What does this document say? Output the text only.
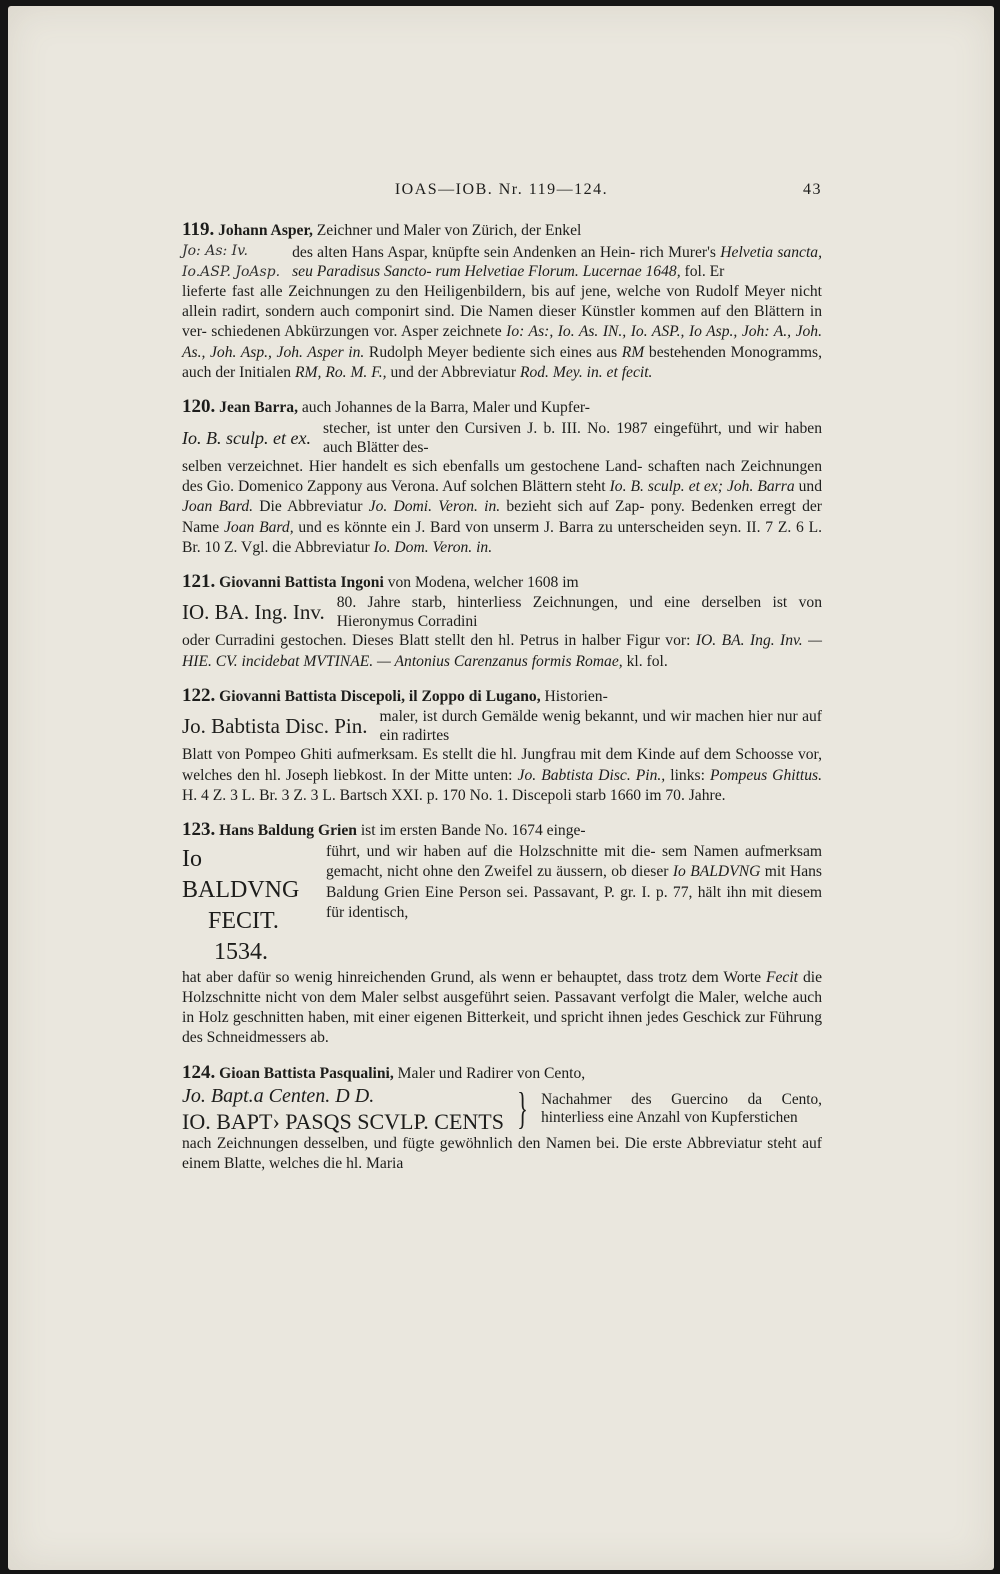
IOAS—IOB. Nr. 119—124.	43

119. Johann Asper, Zeichner und Maler von Zürich, der Enkel

Jo: As: Iv.
Io.ASP. JoAsp.
des alten Hans Aspar, knüpfte sein Andenken an Hein- rich Murer's Helvetia sancta, seu Paradisus Sancto- rum Helvetiae Florum. Lucernae 1648, fol. Er

lieferte fast alle Zeichnungen zu den Heiligenbildern, bis auf jene, welche von Rudolf Meyer nicht allein radirt, sondern auch componirt sind. Die Namen dieser Künstler kommen auf den Blättern in ver- schiedenen Abkürzungen vor. Asper zeichnete Io: As:, Io. As. IN., Io. ASP., Io Asp., Joh: A., Joh. As., Joh. Asp., Joh. Asper in. Rudolph Meyer bediente sich eines aus RM bestehenden Monogramms, auch der Initialen RM, Ro. M. F., und der Abbreviatur Rod. Mey. in. et fecit.

120. Jean Barra, auch Johannes de la Barra, Maler und Kupfer-

Io. B. sculp. et ex. stecher, ist unter den Cursiven J. b. III. No. 1987 eingeführt, und wir haben auch Blätter des-

selben verzeichnet. Hier handelt es sich ebenfalls um gestochene Land- schaften nach Zeichnungen des Gio. Domenico Zappony aus Verona. Auf solchen Blättern steht Io. B. sculp. et ex; Joh. Barra und Joan Bard. Die Abbreviatur Jo. Domi. Veron. in. bezieht sich auf Zap- pony. Bedenken erregt der Name Joan Bard, und es könnte ein J. Bard von unserm J. Barra zu unterscheiden seyn. II. 7 Z. 6 L. Br. 10 Z. Vgl. die Abbreviatur Io. Dom. Veron. in.

121. Giovanni Battista Ingoni von Modena, welcher 1608 im

IO. BA. Ing. Inv. 80. Jahre starb, hinterliess Zeichnungen, und eine derselben ist von Hieronymus Corradini

oder Curradini gestochen. Dieses Blatt stellt den hl. Petrus in halber Figur vor: IO. BA. Ing. Inv. — HIE. CV. incidebat MVTINAE. — Antonius Carenzanus formis Romae, kl. fol.

122. Giovanni Battista Discepoli, il Zoppo di Lugano, Historien-

Jo. Babtista Disc. Pin. maler, ist durch Gemälde wenig bekannt, und wir machen hier nur auf ein radirtes

Blatt von Pompeo Ghiti aufmerksam. Es stellt die hl. Jungfrau mit dem Kinde auf dem Schoosse vor, welches den hl. Joseph liebkost. In der Mitte unten: Jo. Babtista Disc. Pin., links: Pompeus Ghittus. H. 4 Z. 3 L. Br. 3 Z. 3 L. Bartsch XXI. p. 170 No. 1. Discepoli starb 1660 im 70. Jahre.

123. Hans Baldung Grien ist im ersten Bande No. 1674 einge-

Io BALDVNG
FECIT.
1534.
führt, und wir haben auf die Holzschnitte mit die- sem Namen aufmerksam gemacht, nicht ohne den Zweifel zu äussern, ob dieser Io BALDVNG mit Hans Baldung Grien Eine Person sei. Passavant, P. gr. I. p. 77, hält ihn mit diesem für identisch,

hat aber dafür so wenig hinreichenden Grund, als wenn er behauptet, dass trotz dem Worte Fecit die Holzschnitte nicht von dem Maler selbst ausgeführt seien. Passavant verfolgt die Maler, welche auch in Holz geschnitten haben, mit einer eigenen Bitterkeit, und spricht ihnen jedes Geschick zur Führung des Schneidmessers ab.

124. Gioan Battista Pasqualini, Maler und Radirer von Cento,

Jo. Bapt.a Centen. D D.
IO. BAPT› PASQS SCVLP. CENTS } Nachahmer des Guercino da Cento, hinterliess eine Anzahl von Kupferstichen

nach Zeichnungen desselben, und fügte gewöhnlich den Namen bei. Die erste Abbreviatur steht auf einem Blatte, welches die hl. Maria
